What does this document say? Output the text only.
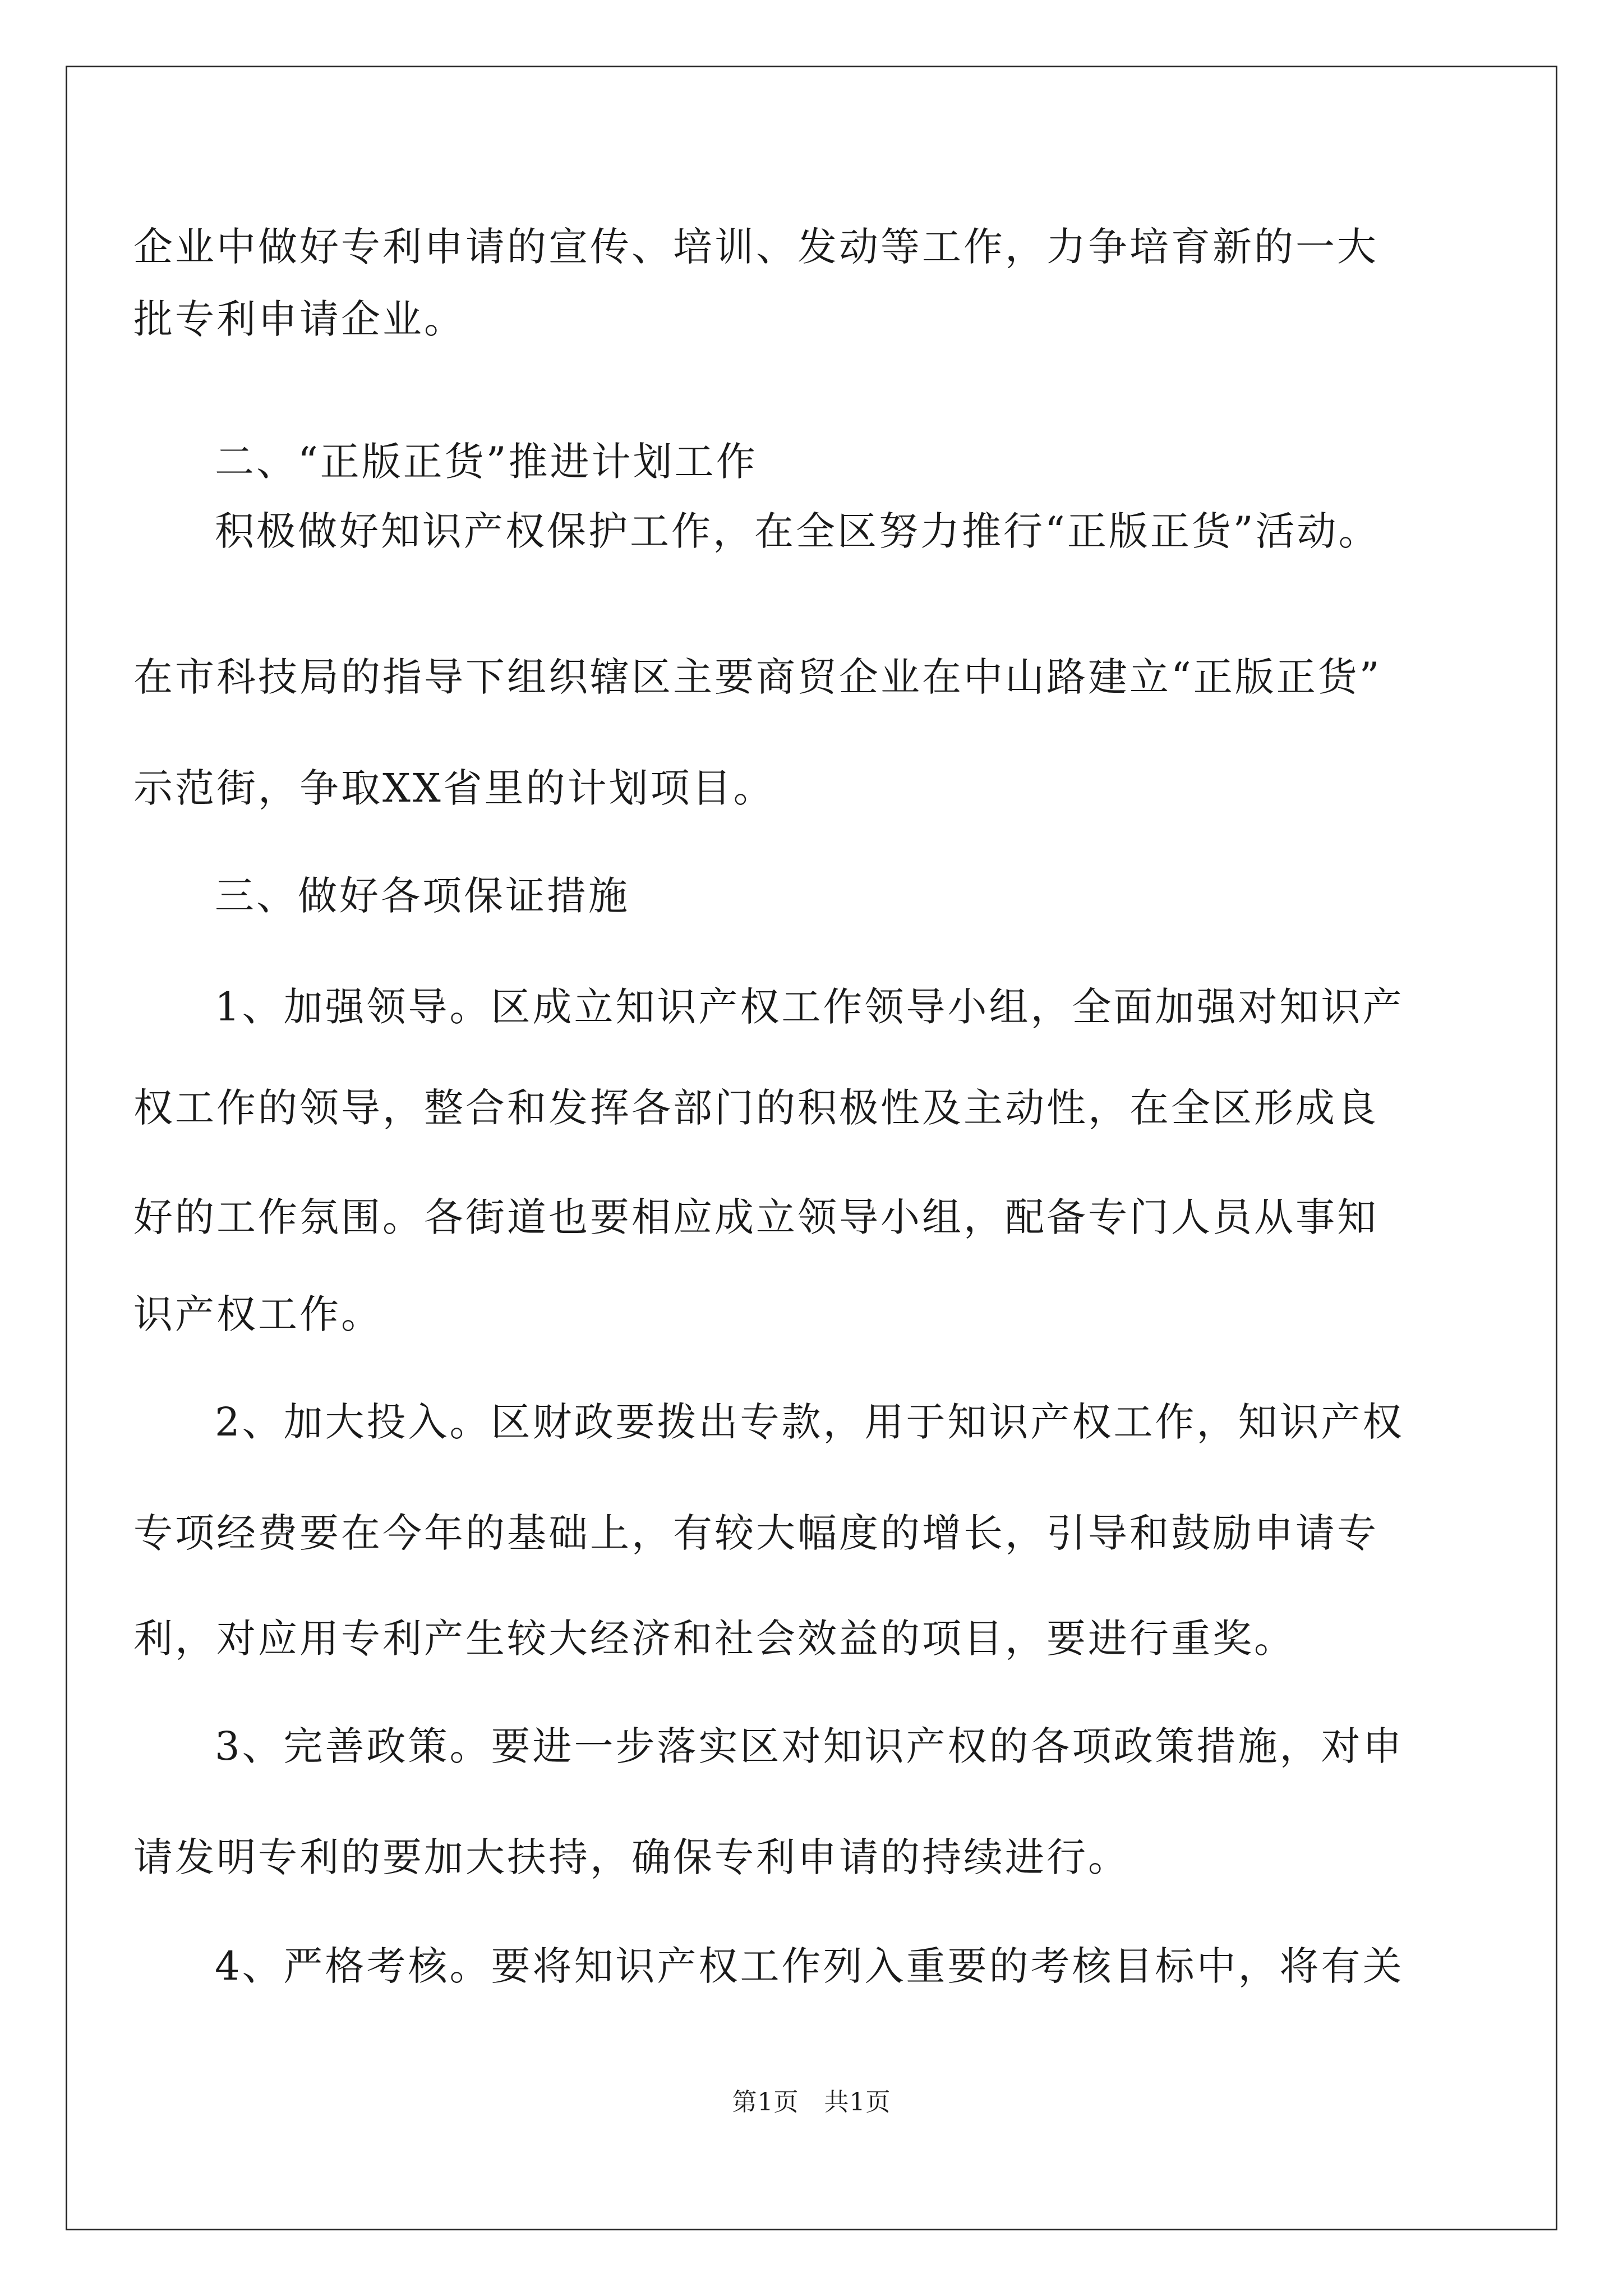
企业中做好专利申请的宣传、培训、发动等工作，力争培育新的一大
批专利申请企业。
二、“正版正货”推进计划工作
积极做好知识产权保护工作，在全区努力推行“正版正货”活动。
在市科技局的指导下组织辖区主要商贸企业在中山路建立“正版正货”
示范街，争取XX省里的计划项目。
三、做好各项保证措施
1、加强领导。区成立知识产权工作领导小组，全面加强对知识产
权工作的领导，整合和发挥各部门的积极性及主动性，在全区形成良
好的工作氛围。各街道也要相应成立领导小组，配备专门人员从事知
识产权工作。
2、加大投入。区财政要拨出专款，用于知识产权工作，知识产权
专项经费要在今年的基础上，有较大幅度的增长，引导和鼓励申请专
利，对应用专利产生较大经济和社会效益的项目，要进行重奖。
3、完善政策。要进一步落实区对知识产权的各项政策措施，对申
请发明专利的要加大扶持，确保专利申请的持续进行。
4、严格考核。要将知识产权工作列入重要的考核目标中，将有关
第1页　共1页
